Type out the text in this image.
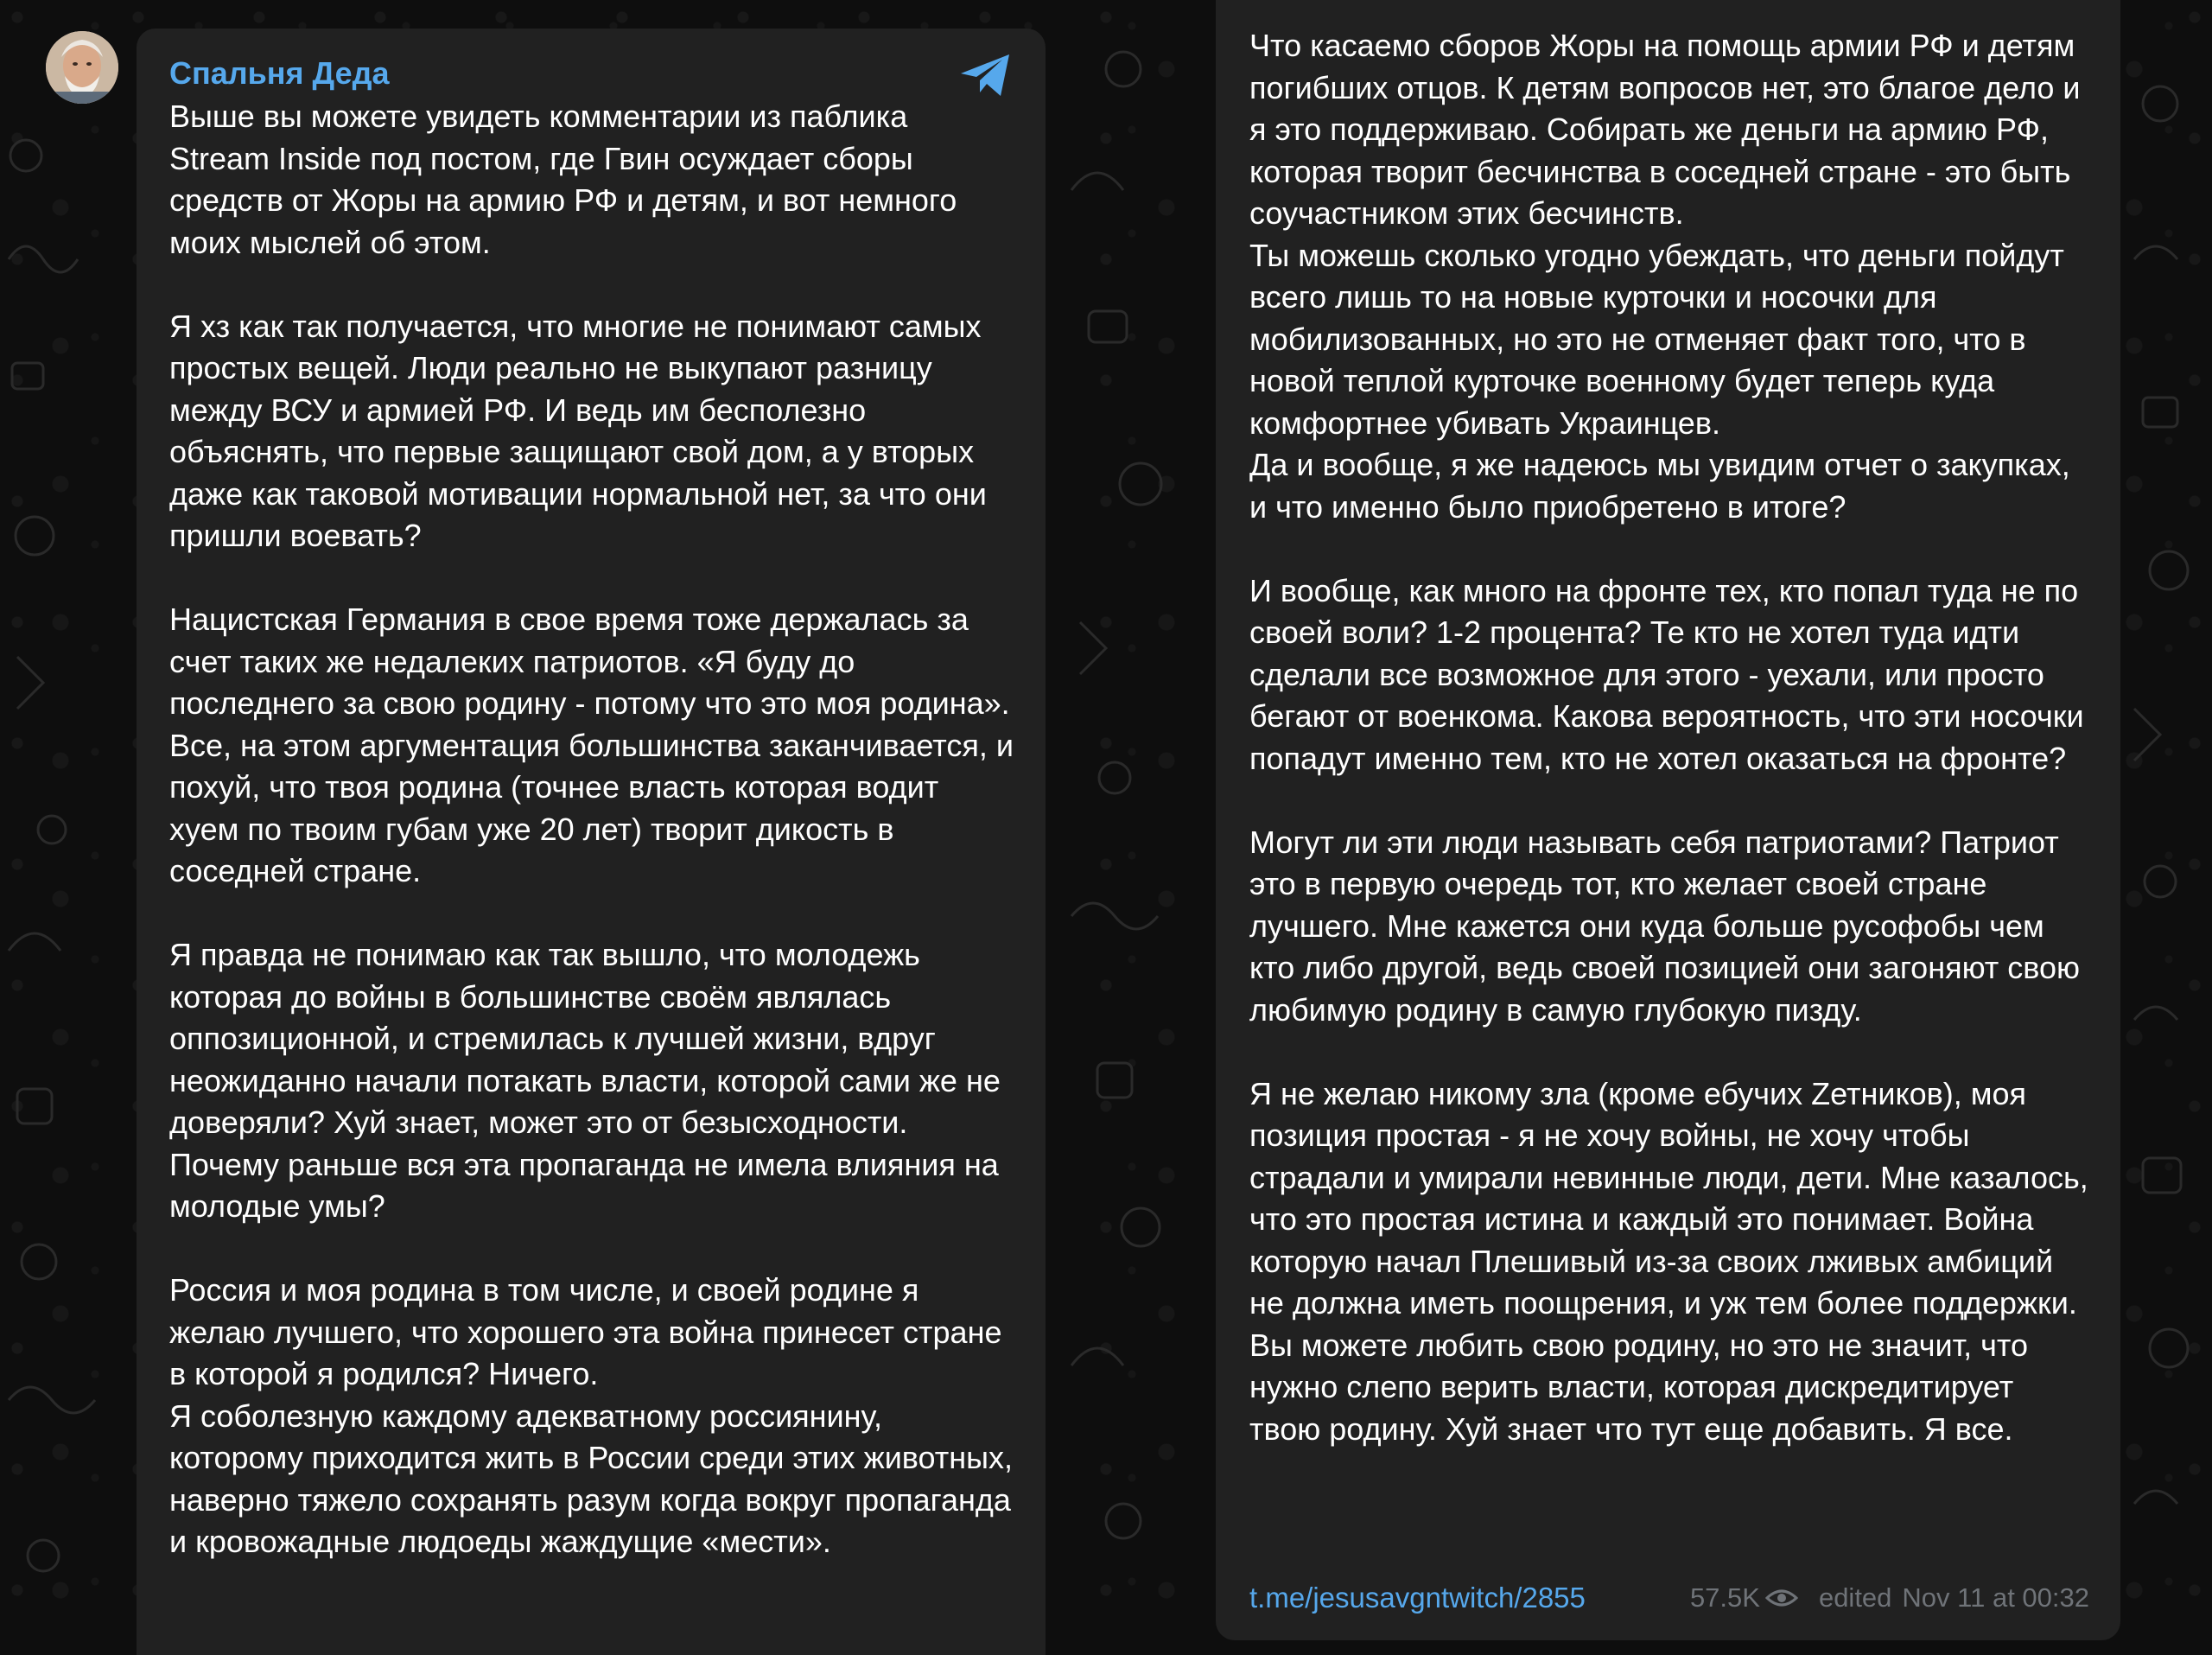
Спальня Деда

Выше вы можете увидеть комментарии из паблика Stream Inside под постом, где Гвин осуждает сборы средств от Жоры на армию РФ и детям, и вот немного моих мыслей об этом.

Я хз как так получается, что многие не понимают самых простых вещей. Люди реально не выкупают разницу между ВСУ и армией РФ. И ведь им бесполезно объяснять, что первые защищают свой дом, а у вторых даже как таковой мотивации нормальной нет, за что они пришли воевать?

Нацистская Германия в свое время тоже держалась за счет таких же недалеких патриотов. «Я буду до последнего за свою родину - потому что это моя родина». Все, на этом аргументация большинства заканчивается, и похуй, что твоя родина (точнее власть которая водит хуем по твоим губам уже 20 лет) творит дикость в соседней стране.

Я правда не понимаю как так вышло, что молодежь которая до войны в большинстве своём являлась оппозиционной, и стремилась к лучшей жизни, вдруг неожиданно начали потакать власти, которой сами же не доверяли? Хуй знает, может это от безысходности. Почему раньше вся эта пропаганда не имела влияния на молодые умы?

Россия и моя родина в том числе, и своей родине я желаю лучшего, что хорошего эта война принесет стране в которой я родился? Ничего.
Я соболезную каждому адекватному россиянину, которому приходится жить в России среди этих животных, наверно тяжело сохранять разум когда вокруг пропаганда и кровожадные людоеды жаждущие «мести».

Что касаемо сборов Жоры на помощь армии РФ и детям погибших отцов. К детям вопросов нет, это благое дело и я это поддерживаю. Собирать же деньги на армию РФ, которая творит бесчинства в соседней стране - это быть соучастником этих бесчинств.
Ты можешь сколько угодно убеждать, что деньги пойдут всего лишь то на новые курточки и носочки для мобилизованных, но это не отменяет факт того, что в новой теплой курточке военному будет теперь куда комфортнее убивать Украинцев.
Да и вообще, я же надеюсь мы увидим отчет о закупках, и что именно было приобретено в итоге?

И вообще, как много на фронте тех, кто попал туда не по своей воли? 1-2 процента? Те кто не хотел туда идти сделали все возможное для этого - уехали, или просто бегают от военкома. Какова вероятность, что эти носочки попадут именно тем, кто не хотел оказаться на фронте?

Могут ли эти люди называть себя патриотами? Патриот это в первую очередь тот, кто желает своей стране лучшего. Мне кажется они куда больше русофобы чем кто либо другой, ведь своей позицией они загоняют свою любимую родину в самую глубокую пизду.

Я не желаю никому зла (кроме ебучих Zетников), моя позиция простая - я не хочу войны, не хочу чтобы страдали и умирали невинные люди, дети. Мне казалось, что это простая истина и каждый это понимает. Война которую начал Плешивый из-за своих лживых амбиций не должна иметь поощрения, и уж тем более поддержки. Вы можете любить свою родину, но это не значит, что нужно слепо верить власти, которая дискредитирует твою родину. Хуй знает что тут еще добавить. Я все.

t.me/jesusavgntwitch/2855	57.5K edited Nov 11 at 00:32
